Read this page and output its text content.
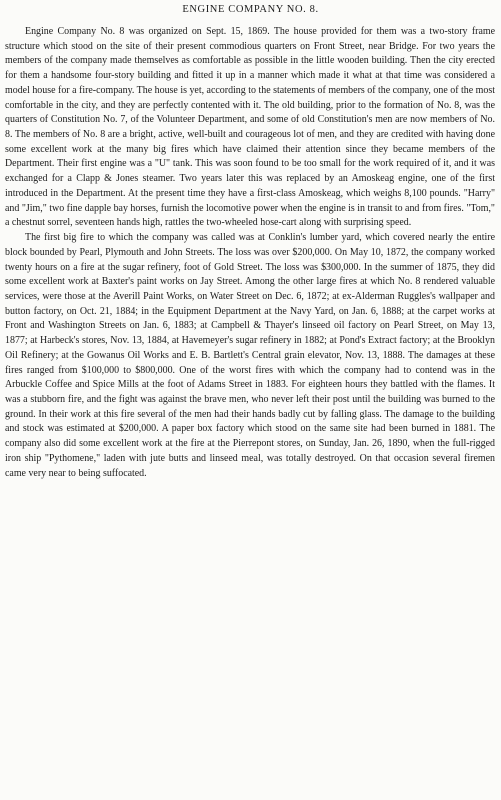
ENGINE COMPANY NO. 8.

Engine Company No. 8 was organized on Sept. 15, 1869. The house provided for them was a two-story frame structure which stood on the site of their present commodious quarters on Front Street, near Bridge. For two years the members of the company made themselves as comfortable as possible in the little wooden building. Then the city erected for them a handsome four-story building and fitted it up in a manner which made it what at that time was considered a model house for a fire-company. The house is yet, according to the statements of members of the company, one of the most comfortable in the city, and they are perfectly contented with it. The old building, prior to the formation of No. 8, was the quarters of Constitution No. 7, of the Volunteer Department, and some of old Constitution's men are now members of No. 8. The members of No. 8 are a bright, active, well-built and courageous lot of men, and they are credited with having done some excellent work at the many big fires which have claimed their attention since they became members of the Department. Their first engine was a "U" tank. This was soon found to be too small for the work required of it, and it was exchanged for a Clapp & Jones steamer. Two years later this was replaced by an Amoskeag engine, one of the first introduced in the Department. At the present time they have a first-class Amoskeag, which weighs 8,100 pounds. "Harry" and "Jim," two fine dapple bay horses, furnish the locomotive power when the engine is in transit to and from fires. "Tom," a chestnut sorrel, seventeen hands high, rattles the two-wheeled hose-cart along with surprising speed.

The first big fire to which the company was called was at Conklin's lumber yard, which covered nearly the entire block bounded by Pearl, Plymouth and John Streets. The loss was over $200,000. On May 10, 1872, the company worked twenty hours on a fire at the sugar refinery, foot of Gold Street. The loss was $300,000. In the summer of 1875, they did some excellent work at Baxter's paint works on Jay Street. Among the other large fires at which No. 8 rendered valuable services, were those at the Averill Paint Works, on Water Street on Dec. 6, 1872; at ex-Alderman Ruggles's wallpaper and button factory, on Oct. 21, 1884; in the Equipment Department at the Navy Yard, on Jan. 6, 1888; at the carpet works at Front and Washington Streets on Jan. 6, 1883; at Campbell & Thayer's linseed oil factory on Pearl Street, on May 13, 1877; at Harbeck's stores, Nov. 13, 1884, at Havemeyer's sugar refinery in 1882; at Pond's Extract factory; at the Brooklyn Oil Refinery; at the Gowanus Oil Works and E. B. Bartlett's Central grain elevator, Nov. 13, 1888. The damages at these fires ranged from $100,000 to $800,000. One of the worst fires with which the company had to contend was in the Arbuckle Coffee and Spice Mills at the foot of Adams Street in 1883. For eighteen hours they battled with the flames. It was a stubborn fire, and the fight was against the brave men, who never left their post until the building was burned to the ground. In their work at this fire several of the men had their hands badly cut by falling glass. The damage to the building and stock was estimated at $200,000. A paper box factory which stood on the same site had been burned in 1881. The company also did some excellent work at the fire at the Pierrepont stores, on Sunday, Jan. 26, 1890, when the full-rigged iron ship "Pythomene," laden with jute butts and linseed meal, was totally destroyed. On that occasion several firemen came very near to being suffocated.
